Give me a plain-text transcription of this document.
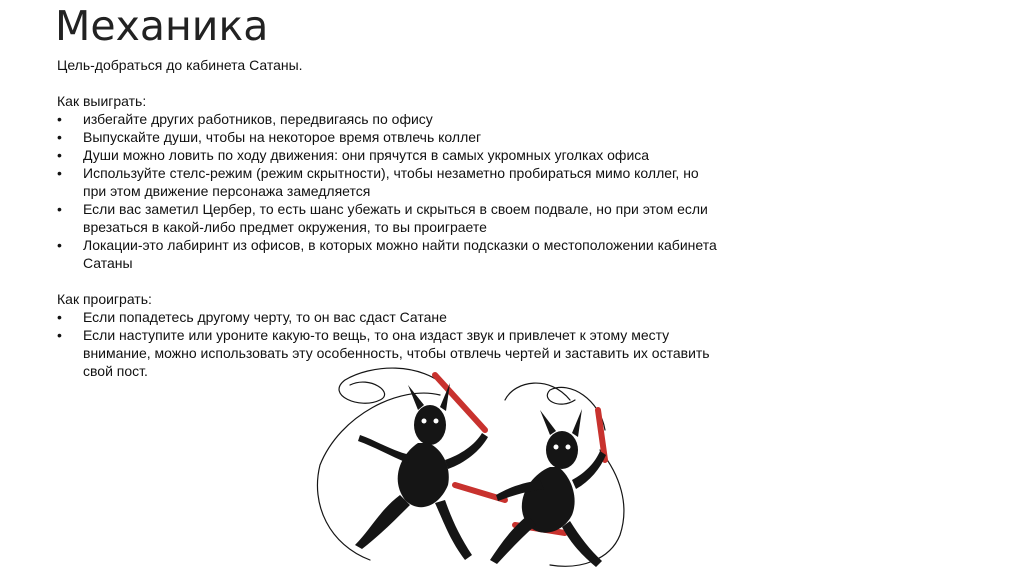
Механика

Цель-добраться до кабинета Сатаны.

Как выиграть:

• избегайте других работников, передвигаясь по офису
• Выпускайте души, чтобы на некоторое время отвлечь коллег
• Души можно ловить по ходу движения: они прячутся в самых укромных уголках офиса
• Используйте стелс-режим (режим скрытности), чтобы незаметно пробираться мимо коллег, но
при этом движение персонажа замедляется
• Если вас заметил Цербер, то есть шанс убежать и скрыться в своем подвале, но при этом если
врезаться в какой-либо предмет окружения, то вы проиграете
• Локации-это лабиринт из офисов, в которых можно найти подсказки о местоположении кабинета
Сатаны

Как проиграть:

• Если попадетесь другому черту, то он вас сдаст Сатане
• Если наступите или уроните какую-то вещь, то она издаст звук и привлечет к этому месту
внимание, можно использовать эту особенность, чтобы отвлечь чертей и заставить их оставить
свой пост.
